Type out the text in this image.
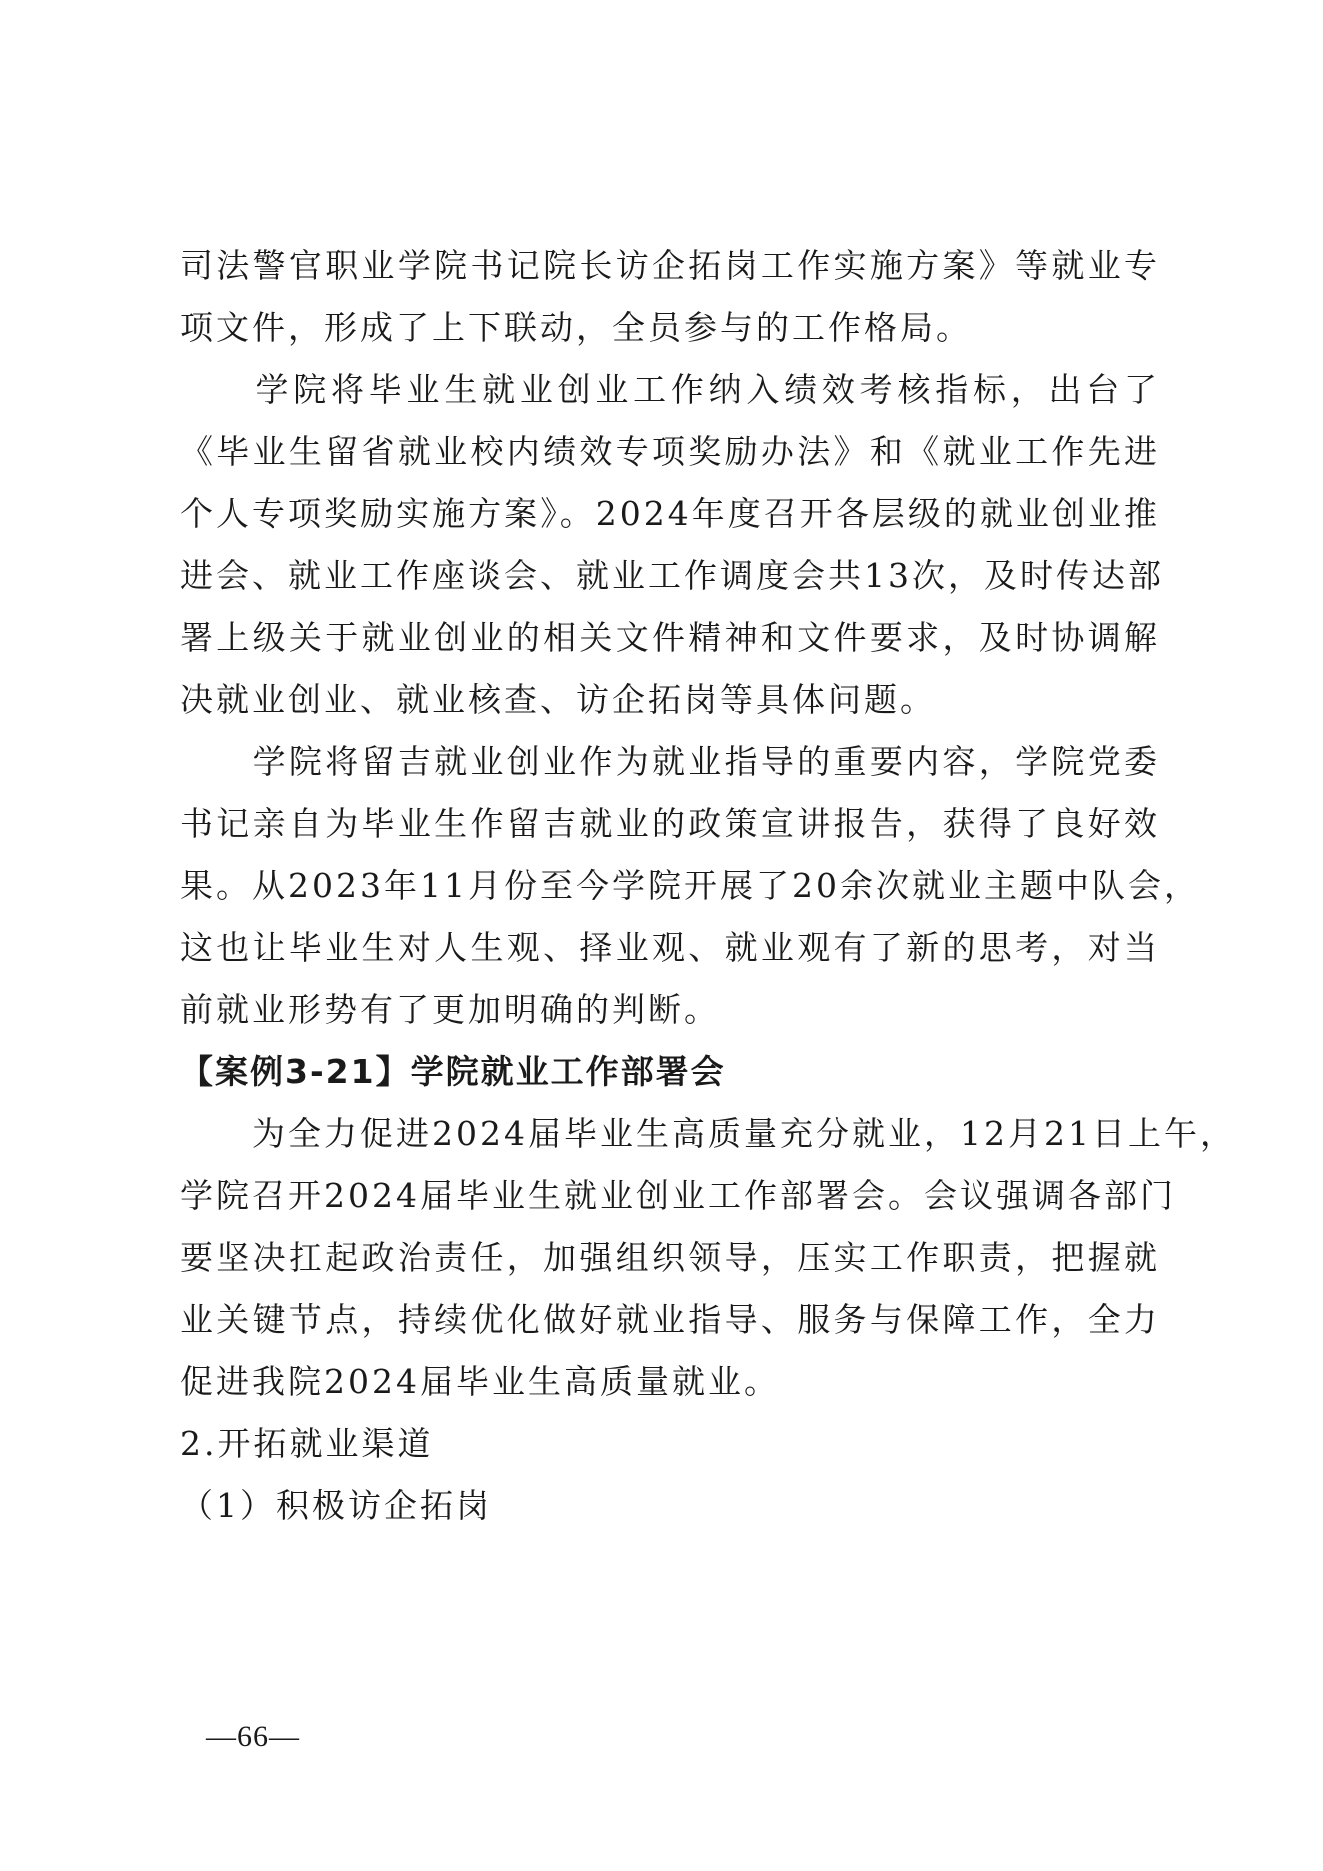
司法警官职业学院书记院长访企拓岗工作实施方案》等就业专
项文件，形成了上下联动，全员参与的工作格局。
　　学院将毕业生就业创业工作纳入绩效考核指标，出台了
《毕业生留省就业校内绩效专项奖励办法》和《就业工作先进
个人专项奖励实施方案》。2024年度召开各层级的就业创业推
进会、就业工作座谈会、就业工作调度会共13次，及时传达部
署上级关于就业创业的相关文件精神和文件要求，及时协调解
决就业创业、就业核查、访企拓岗等具体问题。
　　学院将留吉就业创业作为就业指导的重要内容，学院党委
书记亲自为毕业生作留吉就业的政策宣讲报告，获得了良好效
果。从2023年11月份至今学院开展了20余次就业主题中队会，
这也让毕业生对人生观、择业观、就业观有了新的思考，对当
前就业形势有了更加明确的判断。
【案例3-21】学院就业工作部署会
　　为全力促进2024届毕业生高质量充分就业，12月21日上午，
学院召开2024届毕业生就业创业工作部署会。会议强调各部门
要坚决扛起政治责任，加强组织领导，压实工作职责，把握就
业关键节点，持续优化做好就业指导、服务与保障工作，全力
促进我院2024届毕业生高质量就业。
2.开拓就业渠道
（1）积极访企拓岗
—66—
